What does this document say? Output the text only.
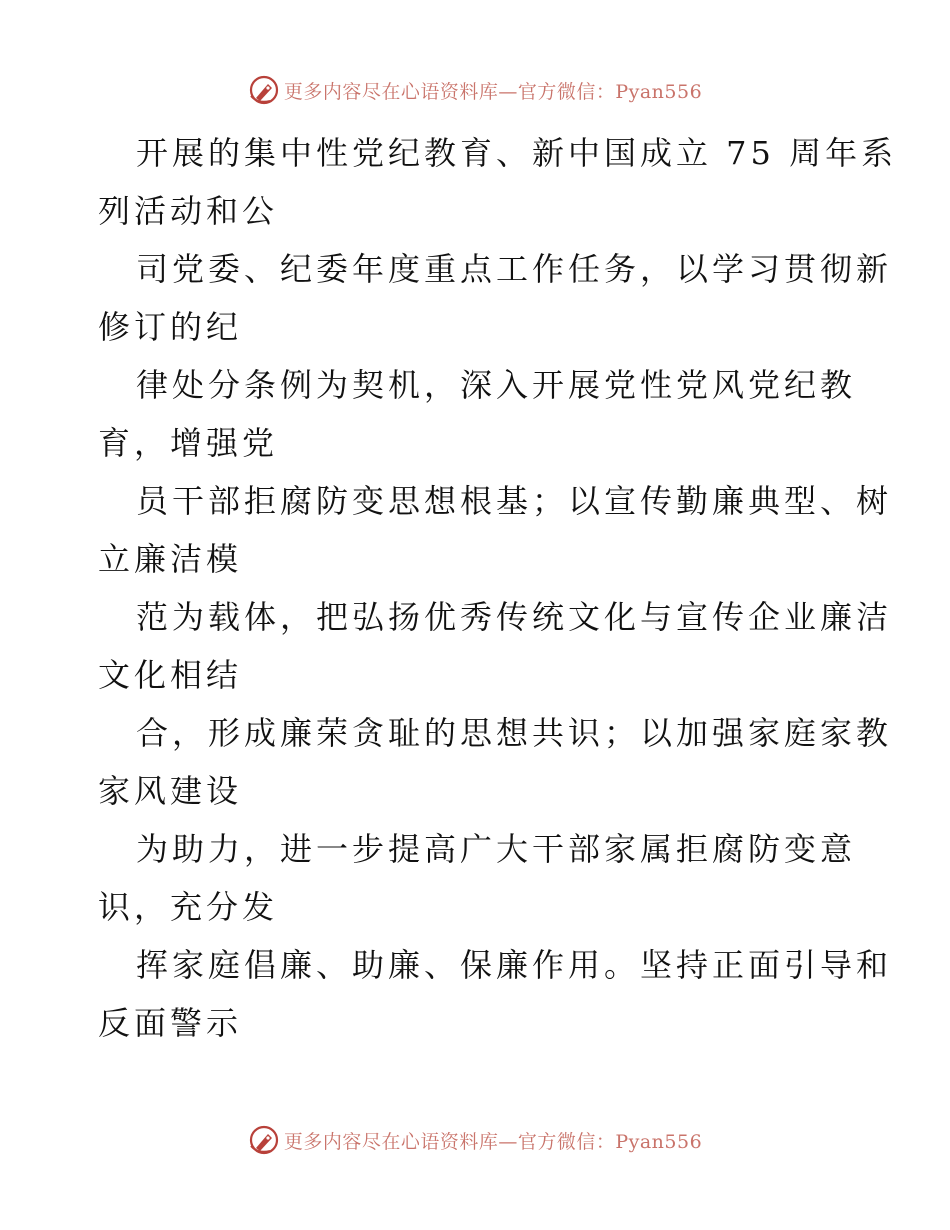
更多内容尽在心语资料库—官方微信：Pyan556
开展的集中性党纪教育、新中国成立 75 周年系
列活动和公
司党委、纪委年度重点工作任务，以学习贯彻新
修订的纪
律处分条例为契机，深入开展党性党风党纪教
育，增强党
员干部拒腐防变思想根基；以宣传勤廉典型、树
立廉洁模
范为载体，把弘扬优秀传统文化与宣传企业廉洁
文化相结
合，形成廉荣贪耻的思想共识；以加强家庭家教
家风建设
为助力，进一步提高广大干部家属拒腐防变意
识，充分发
挥家庭倡廉、助廉、保廉作用。坚持正面引导和
反面警示
更多内容尽在心语资料库—官方微信：Pyan556
